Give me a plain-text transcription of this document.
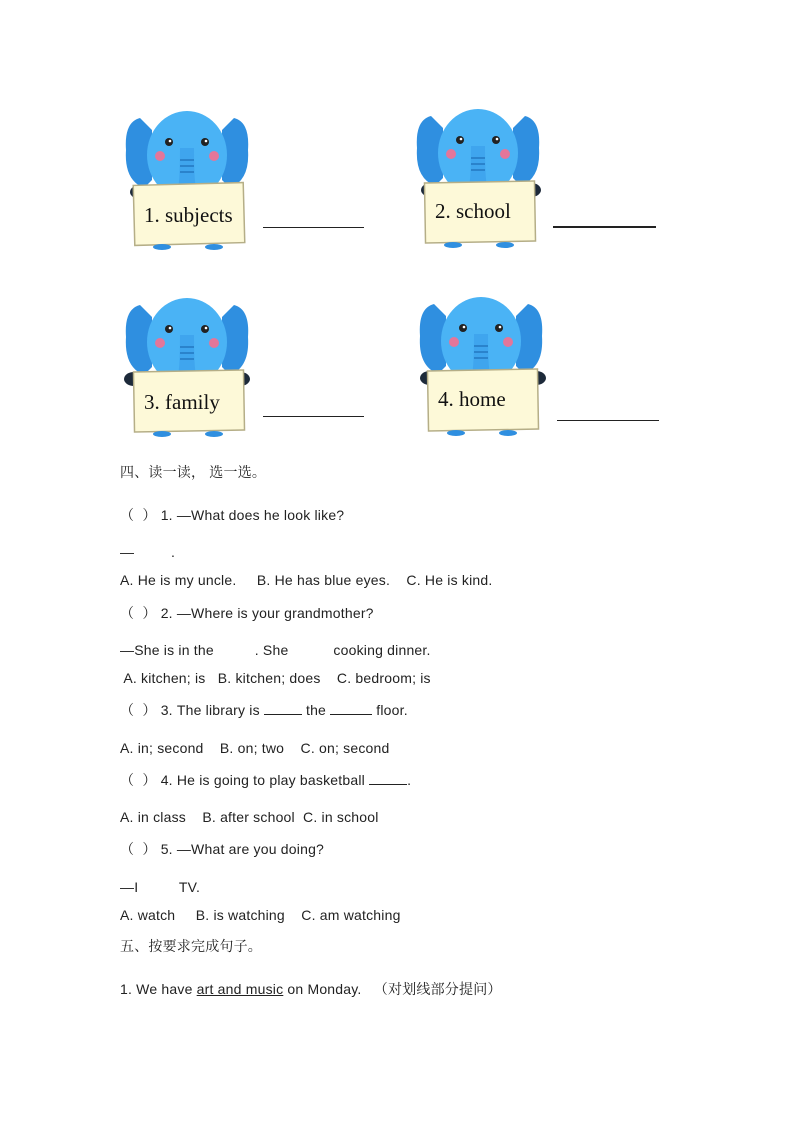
1. subjects	2. school
3. family	4. home
四、读一读， 选一选。
（  ） 1. —What does he look like?
—         .
A. He is my uncle.     B. He has blue eyes.    C. He is kind.
（  ） 2. —Where is your grandmother?
—She is in the          . She           cooking dinner.
A. kitchen; is   B. kitchen; does    C. bedroom; is
（  ） 3. The library is	the	floor.
A. in; second    B. on; two    C. on; second
（  ） 4. He is going to play basketball	.
A. in class    B. after school  C. in school
（  ） 5. —What are you doing?
—I          TV.
A. watch     B. is watching    C. am watching
五、按要求完成句子。
1. We have art and music on Monday. （对划线部分提问）
